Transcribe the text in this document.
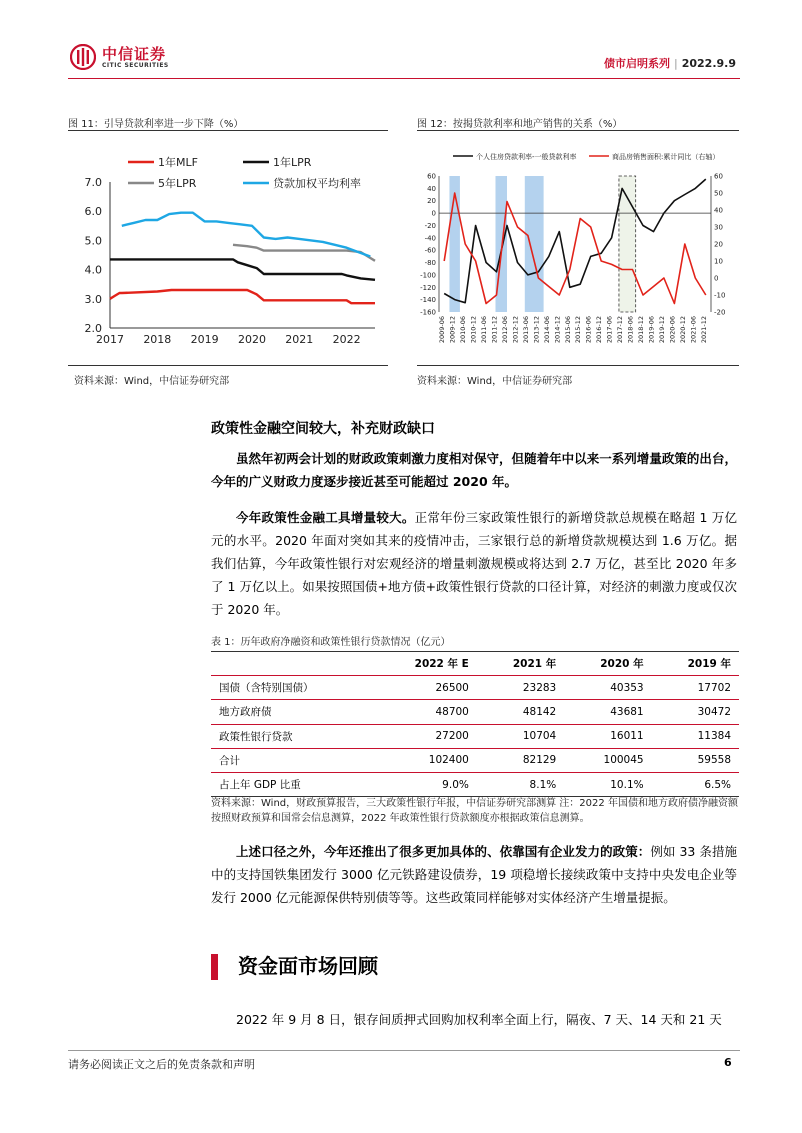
中信证券
CITIC SECURITIES	债市启明系列 | 2022.9.9
图 11：引导贷款利率进一步下降（%）
7.0
6.0
5.0
4.0
3.0
2.0
2017 2018 2019 2020 2021 2022
1年MLF	1年LPR
5年LPR	贷款加权平均利率
资料来源：Wind，中信证券研究部
图 12：按揭贷款利率和地产销售的关系（%）
60
40
20
0
-20
-40
-60
-80
-100
-120
-140
-160
60
50
40
30
20
10
0
-10
-20
2009-06 2009-12 2010-06 2010-12 2011-06 2011-12 2012-06 2012-12 2013-06 2013-12 2014-06 2014-12 2015-06 2015-12 2016-06 2016-12 2017-06 2017-12 2018-06 2018-12 2019-06 2019-12 2020-06 2020-12 2021-06 2021-12
个人住房贷款利率-一般贷款利率	商品房销售面积:累计同比（右轴）
资料来源：Wind，中信证券研究部
政策性金融空间较大，补充财政缺口
虽然年初两会计划的财政政策刺激力度相对保守，但随着年中以来一系列增量政策的出台，今年的广义财政力度逐步接近甚至可能超过 2020 年。
今年政策性金融工具增量较大。正常年份三家政策性银行的新增贷款总规模在略超 1 万亿元的水平。2020 年面对突如其来的疫情冲击，三家银行总的新增贷款规模达到 1.6 万亿。据我们估算，今年政策性银行对宏观经济的增量刺激规模或将达到 2.7 万亿，甚至比 2020 年多了 1 万亿以上。如果按照国债+地方债+政策性银行贷款的口径计算，对经济的刺激力度或仅次于 2020 年。
表 1：历年政府净融资和政策性银行贷款情况（亿元）
	2022 年 E	2021 年	2020 年	2019 年
国债（含特别国债）	26500	23283	40353	17702
地方政府债	48700	48142	43681	30472
政策性银行贷款	27200	10704	16011	11384
合计	102400	82129	100045	59558
占上年 GDP 比重	9.0%	8.1%	10.1%	6.5%
资料来源：Wind，财政预算报告，三大政策性银行年报，中信证券研究部测算 注：2022 年国债和地方政府债净融资额按照财政预算和国常会信息测算，2022 年政策性银行贷款额度亦根据政策信息测算。
上述口径之外，今年还推出了很多更加具体的、依靠国有企业发力的政策：例如 33 条措施中的支持国铁集团发行 3000 亿元铁路建设债券，19 项稳增长接续政策中支持中央发电企业等发行 2000 亿元能源保供特别债等等。这些政策同样能够对实体经济产生增量提振。
资金面市场回顾
2022 年 9 月 8 日，银存间质押式回购加权利率全面上行，隔夜、7 天、14 天和 21 天
请务必阅读正文之后的免责条款和声明	6
